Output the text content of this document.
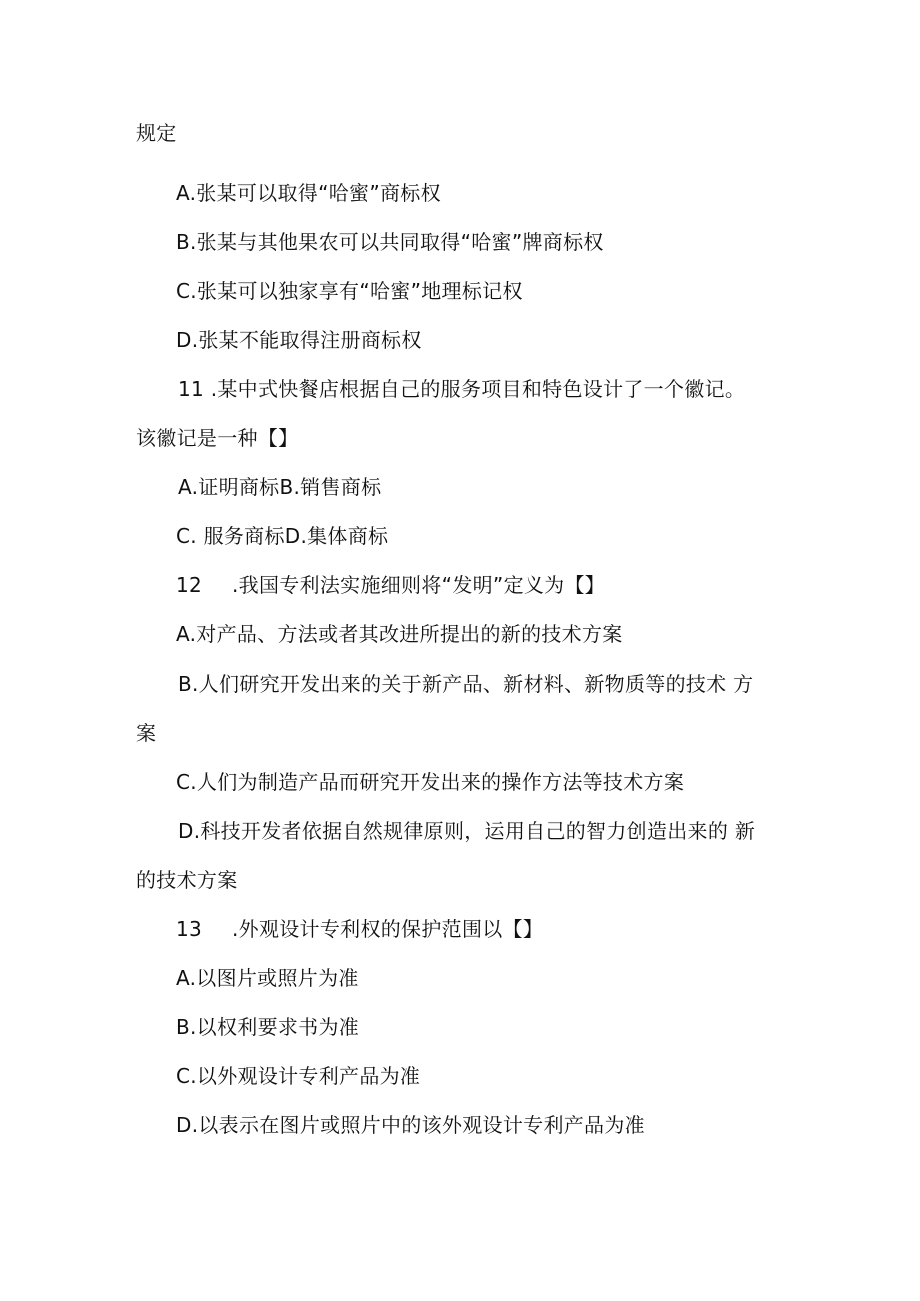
规定
A.张某可以取得“哈蜜”商标权
B.张某与其他果农可以共同取得“哈蜜”牌商标权
C.张某可以独家享有“哈蜜”地理标记权
D.张某不能取得注册商标权
11 .某中式快餐店根据自己的服务项目和特色设计了一个徽记。
该徽记是一种【】
A.证明商标B.销售商标
C. 服务商标D.集体商标
12 .我国专利法实施细则将“发明”定义为【】
A.对产品、方法或者其改进所提出的新的技术方案
B.人们研究开发出来的关于新产品、新材料、新物质等的技术 方
案
C.人们为制造产品而研究开发出来的操作方法等技术方案
D.科技开发者依据自然规律原则，运用自己的智力创造出来的 新
的技术方案
13 .外观设计专利权的保护范围以【】
A.以图片或照片为准
B.以权利要求书为准
C.以外观设计专利产品为准
D.以表示在图片或照片中的该外观设计专利产品为准
